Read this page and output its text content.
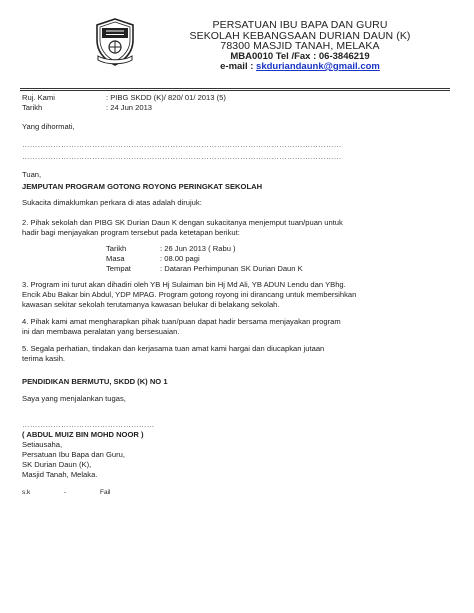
PERSATUAN IBU BAPA DAN GURU
SEKOLAH KEBANGSAAN DURIAN DAUN (K)
78300 MASJID TANAH, MELAKA
MBA0010 Tel /Fax : 06-3846219
e-mail : skduriandaunk@gmail.com
Ruj. Kami	: PIBG SKDD (K)/ 820/ 01/ 2013 (5)
Tarikh	: 24 Jun 2013
Yang dihormati,
……………………………………………………………………………………………………………
……………………………………………………………………………………………………………
Tuan,
JEMPUTAN PROGRAM GOTONG ROYONG PERINGKAT SEKOLAH
Sukacita dimaklumkan perkara di atas adalah dirujuk:
2. Pihak sekolah dan PIBG SK Durian Daun K dengan sukacitanya menjemput tuan/puan untuk
hadir bagi menjayakan program tersebut pada ketetapan berikut:
Tarikh	: 26 Jun 2013 ( Rabu )
Masa	: 08.00 pagi
Tempat	: Dataran Perhimpunan SK Durian Daun K
3. Program ini turut akan dihadiri oleh YB Hj Sulaiman bin Hj Md Ali, YB ADUN Lendu dan YBhg.
Encik Abu Bakar bin Abdul, YDP MPAG. Program gotong royong ini dirancang untuk membersihkan
kawasan sekitar sekolah terutamanya kawasan belukar di belakang sekolah.
4. Pihak kami amat mengharapkan pihak tuan/puan dapat hadir bersama menjayakan program
ini dan membawa peralatan yang bersesuaian.
5. Segala perhatian, tindakan dan kerjasama tuan amat kami hargai dan diucapkan jutaan
terima kasih.
PENDIDIKAN BERMUTU, SKDD (K) NO 1
Saya yang menjalankan tugas,
……………………………………………
( ABDUL MUIZ BIN MOHD NOOR )
Setiausaha,
Persatuan Ibu Bapa dan Guru,
SK Durian Daun (K),
Masjid Tanah, Melaka.
s.k	-	Fail
